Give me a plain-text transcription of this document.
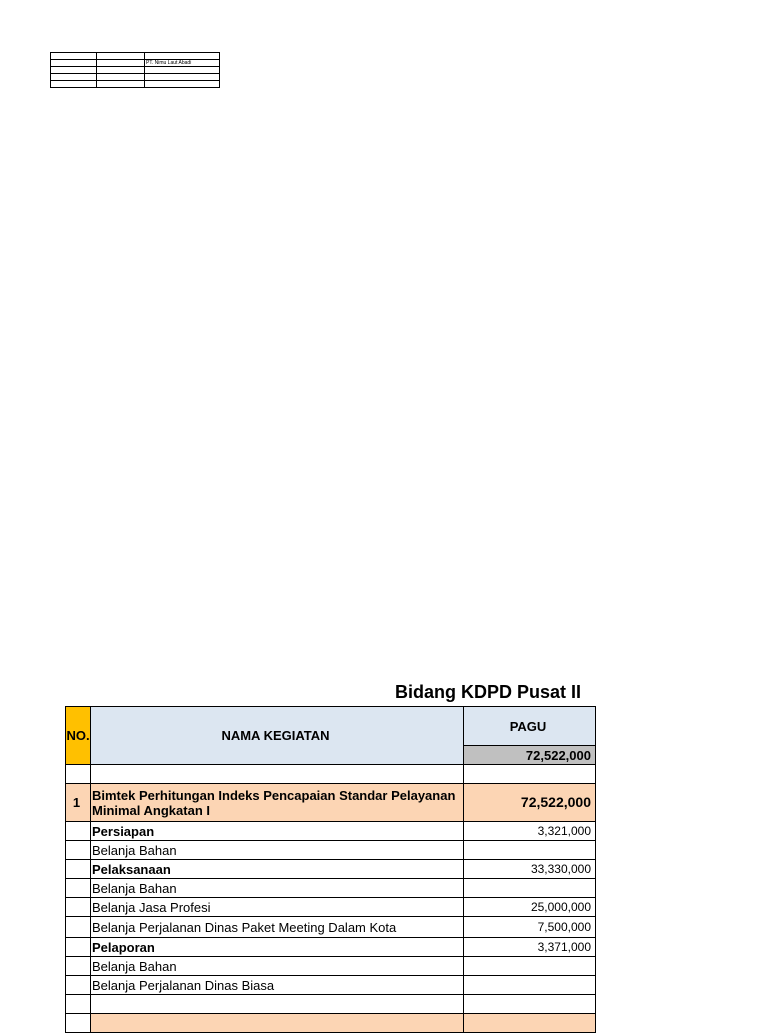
		PT. Nimu Laut Abadi

Bidang KDPD Pusat II
NO.	NAMA KEGIATAN	PAGU
		72,522,000

1	Bimtek Perhitungan Indeks Pencapaian Standar Pelayanan Minimal Angkatan I	72,522,000
	Persiapan	3,321,000
	Belanja Bahan	
	Pelaksanaan	33,330,000
	Belanja Bahan	
	Belanja Jasa Profesi	25,000,000
	Belanja Perjalanan Dinas Paket Meeting Dalam Kota	7,500,000
	Pelaporan	3,371,000
	Belanja Bahan	
	Belanja Perjalanan Dinas Biasa	
